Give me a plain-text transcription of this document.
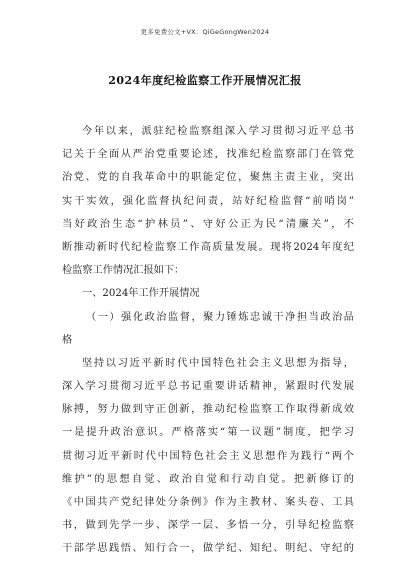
更多免费公文+VX：QiGeGongWen2024
2024年度纪检监察工作开展情况汇报
今年以来，派驻纪检监察组深入学习贯彻习近平总书
记关于全面从严治党重要论述，找准纪检监察部门在管党
治党、党的自我革命中的职能定位，聚焦主责主业，突出
实干实效，强化监督执纪问责，站好纪检监督“前哨岗”
当好政治生态“护林员”、守好公正为民“清廉关”，不
断推动新时代纪检监察工作高质量发展。现将2024年度纪
检监察工作情况汇报如下：
一、2024年工作开展情况
（一）强化政治监督，聚力锤炼忠诚干净担当政治品
格
坚持以习近平新时代中国特色社会主义思想为指导，
深入学习贯彻习近平总书记重要讲话精神，紧跟时代发展
脉搏，努力做到守正创新，推动纪检监察工作取得新成效
一是提升政治意识。严格落实“第一议题”制度，把学习
贯彻习近平新时代中国特色社会主义思想作为践行“两个
维护”的思想自觉、政治自觉和行动自觉。把新修订的
《中国共产党纪律处分条例》作为主教材、案头卷、工具
书，做到先学一步、深学一层、多悟一分，引导纪检监察
干部学思践悟、知行合一，做学纪、知纪、明纪、守纪的
